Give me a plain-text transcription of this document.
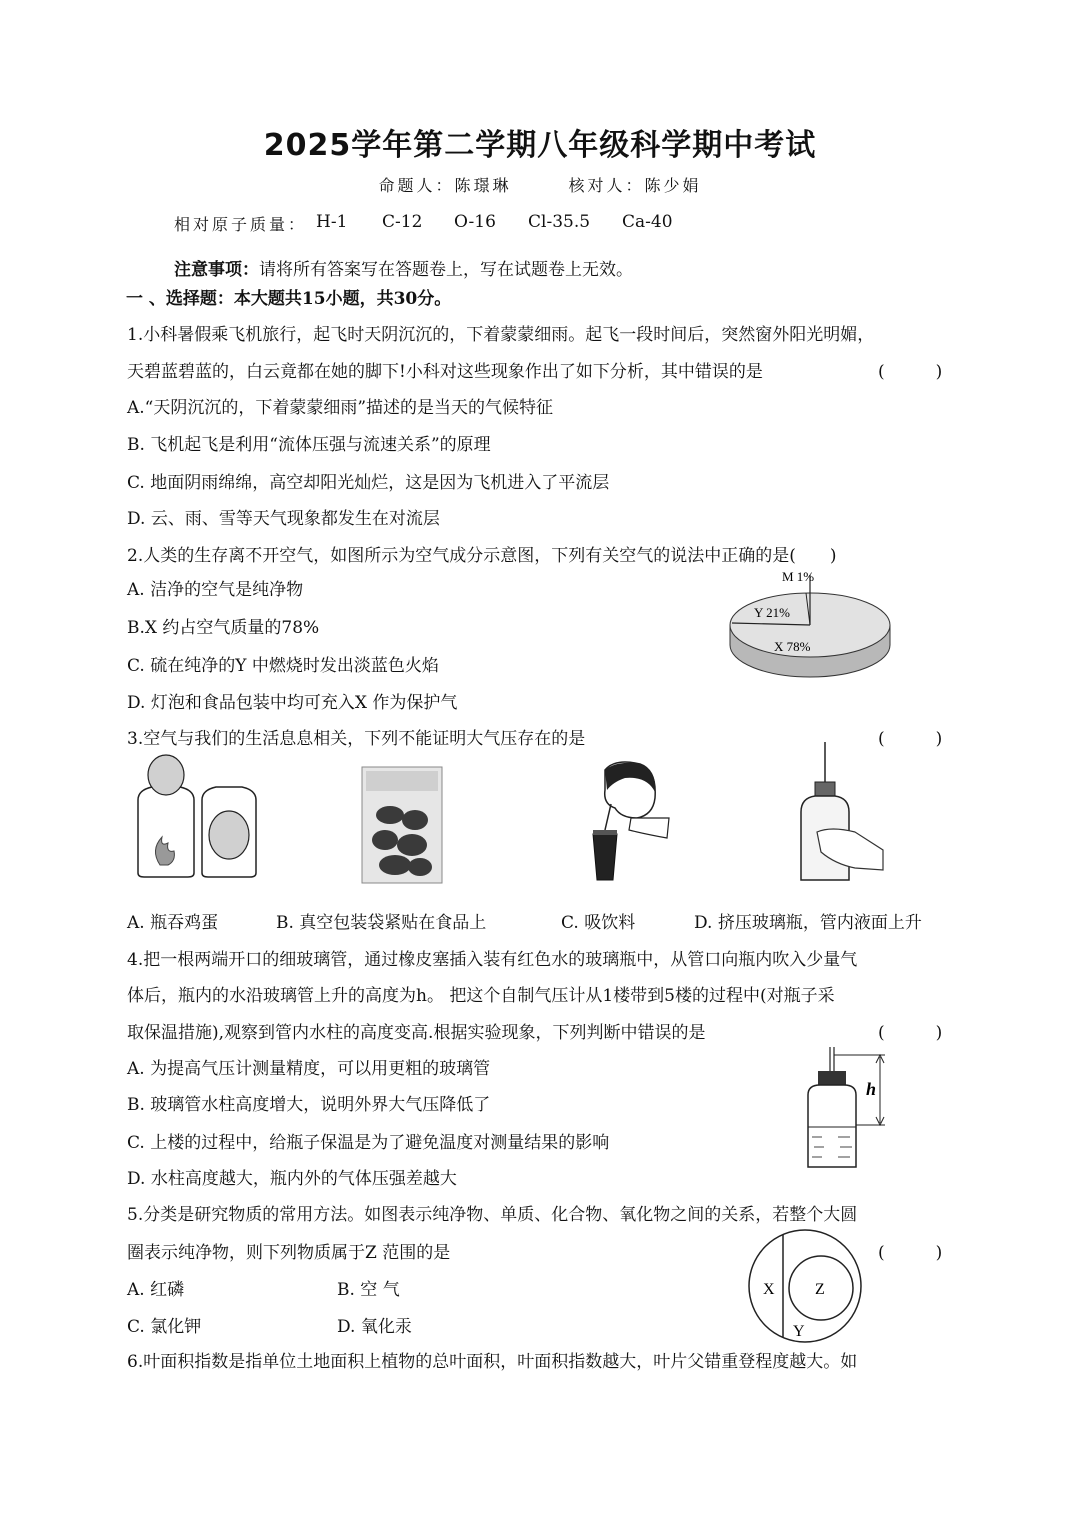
2025学年第二学期八年级科学期中考试
命题人：陈璟琳　　　核对人：陈少娟
相对原子质量： H-1 C-12 O-16 Cl-35.5 Ca-40
注意事项：请将所有答案写在答题卷上，写在试题卷上无效。
一 、选择题：本大题共15小题，共30分。
1.小科暑假乘飞机旅行，起飞时天阴沉沉的，下着蒙蒙细雨。起飞一段时间后，突然窗外阳光明媚，
天碧蓝碧蓝的，白云竟都在她的脚下!小科对这些现象作出了如下分析，其中错误的是	(　　　)
A.“天阴沉沉的，下着蒙蒙细雨”描述的是当天的气候特征
B. 飞机起飞是利用“流体压强与流速关系”的原理
C. 地面阴雨绵绵，高空却阳光灿烂，这是因为飞机进入了平流层
D. 云、雨、雪等天气现象都发生在对流层
2.人类的生存离不开空气，如图所示为空气成分示意图，下列有关空气的说法中正确的是(　　)
A. 洁净的空气是纯净物
B.X 约占空气质量的78%
C. 硫在纯净的Y 中燃烧时发出淡蓝色火焰
D. 灯泡和食品包装中均可充入X 作为保护气
M 1%
Y 21%
X 78%
3.空气与我们的生活息息相关，下列不能证明大气压存在的是	(　　　)
A. 瓶吞鸡蛋	B. 真空包装袋紧贴在食品上	C. 吸饮料	D. 挤压玻璃瓶，管内液面上升
4.把一根两端开口的细玻璃管，通过橡皮塞插入装有红色水的玻璃瓶中，从管口向瓶内吹入少量气
体后，瓶内的水沿玻璃管上升的高度为h。 把这个自制气压计从1楼带到5楼的过程中(对瓶子采
取保温措施),观察到管内水柱的高度变高.根据实验现象，下列判断中错误的是	(　　　)
A. 为提高气压计测量精度，可以用更粗的玻璃管
B. 玻璃管水柱高度增大，说明外界大气压降低了
C. 上楼的过程中，给瓶子保温是为了避免温度对测量结果的影响
D. 水柱高度越大，瓶内外的气体压强差越大
h
5.分类是研究物质的常用方法。如图表示纯净物、单质、化合物、氧化物之间的关系，若整个大圆
圈表示纯净物，则下列物质属于Z 范围的是	(　　　)
A. 红磷	B. 空 气
C. 氯化钾	D. 氧化汞
X	Z
Y
6.叶面积指数是指单位土地面积上植物的总叶面积，叶面积指数越大，叶片父错重登程度越大。如
